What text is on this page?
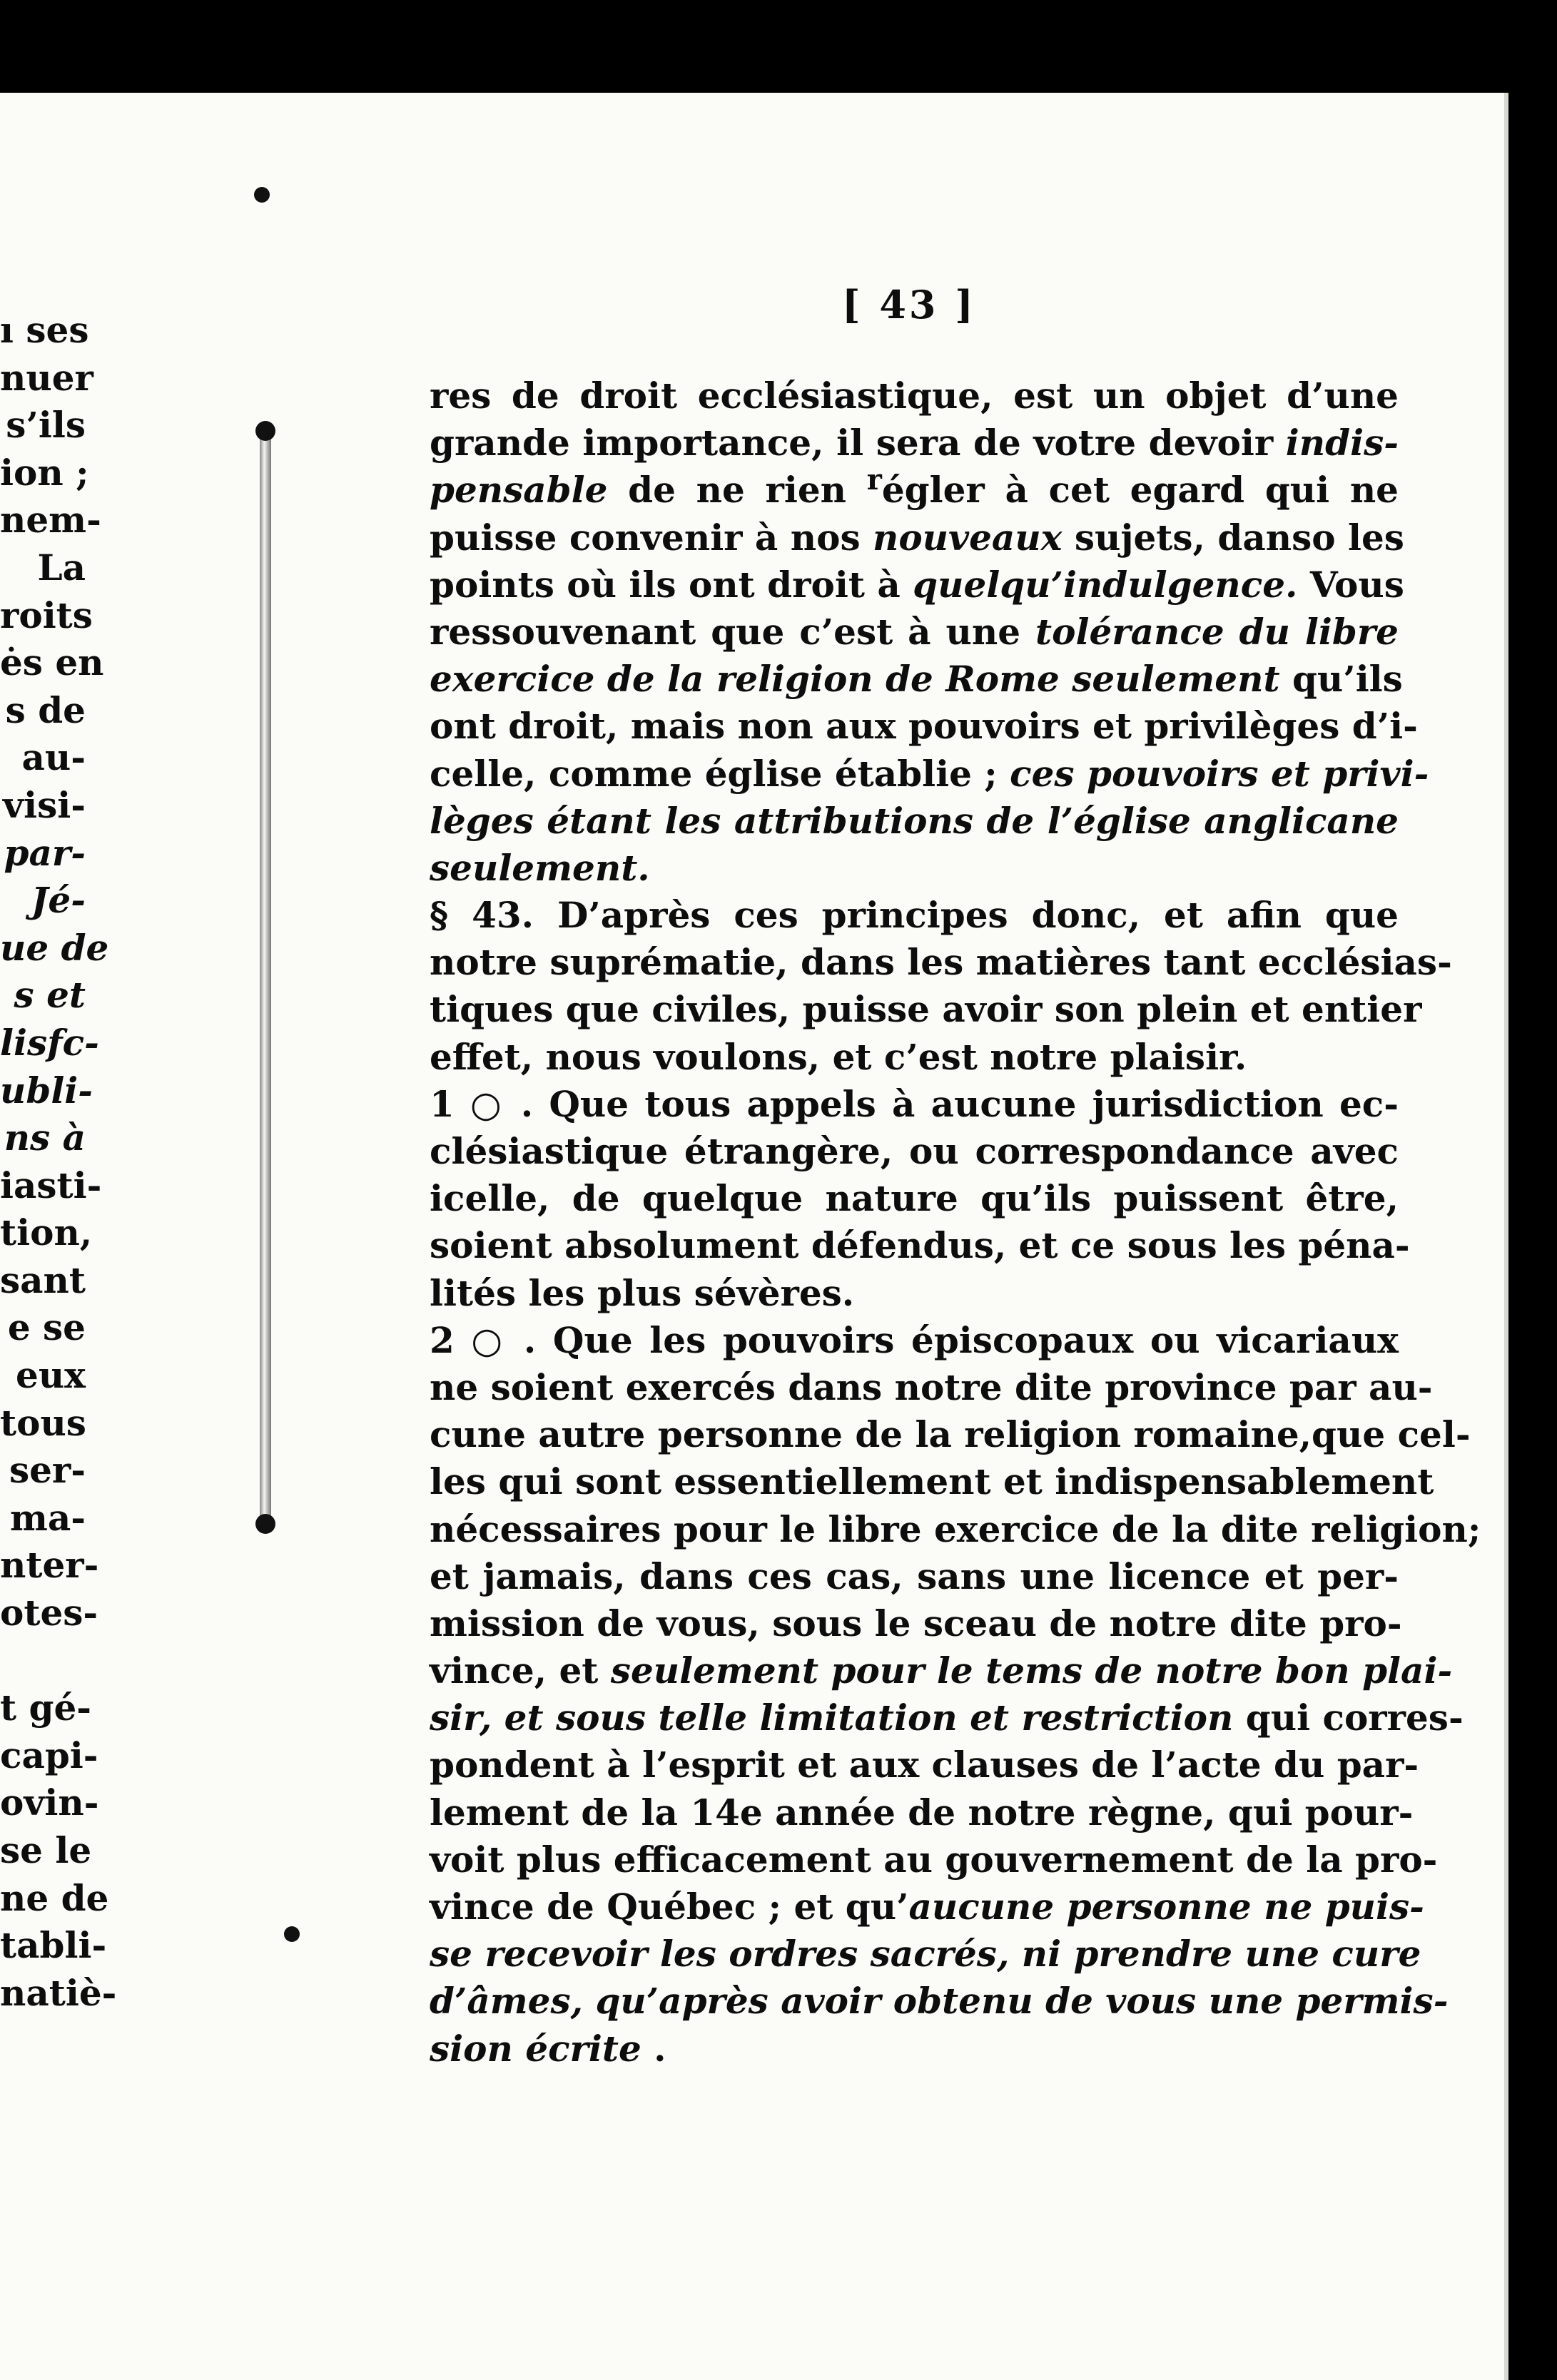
ı ses
nuer
s’ils
ion ;
nem-
La
roits
ės en
s de
au-
visi-
par-
Jé-
ue de
s et
lisfc-
ubli-
ns à
iasti-
tion,
sant
e se
eux
tous
ser-
ma-
nter-
otes-

t gé-
capi-
ovin-
se le
ne de
tabli-
natiè-
[ 43 ]
res de droit ecclésiastique, est un objet d’une
grande importance, il sera de votre devoir indis-
pensable de ne rien $^r$égler à cet egard qui ne
puisse convenir à nos nouveaux sujets, danso les
points où ils ont droit à quelqu’indulgence. Vous
ressouvenant que c’est à une tolérance du libre
exercice de la religion de Rome seulement qu’ils
ont droit, mais non aux pouvoirs et privilèges d’i-
celle, comme église établie ; ces pouvoirs et privi-
lèges étant les attributions de l’église anglicane
seulement.
§ 43. D’après ces principes donc, et afin que
notre suprématie, dans les matières tant ecclésias-
tiques que civiles, puisse avoir son plein et entier
effet, nous voulons, et c’est notre plaisir.
1 ○ . Que tous appels à aucune jurisdiction ec-
clésiastique étrangère, ou correspondance avec
icelle, de quelque nature qu’ils puissent être,
soient absolument défendus, et ce sous les péna-
lités les plus sévères.
2 ○ . Que les pouvoirs épiscopaux ou vicariaux
ne soient exercés dans notre dite province par au-
cune autre personne de la religion romaine,que cel-
les qui sont essentiellement et indispensablement
nécessaires pour le libre exercice de la dite religion;
et jamais, dans ces cas, sans une licence et per-
mission de vous, sous le sceau de notre dite pro-
vince, et seulement pour le tems de notre bon plai-
sir, et sous telle limitation et restriction qui corres-
pondent à l’esprit et aux clauses de l’acte du par-
lement de la 14e année de notre règne, qui pour-
voit plus efficacement au gouvernement de la pro-
vince de Québec ; et qu’aucune personne ne puis-
se recevoir les ordres sacrés, ni prendre une cure
d’âmes, qu’après avoir obtenu de vous une permis-
sion écrite .
